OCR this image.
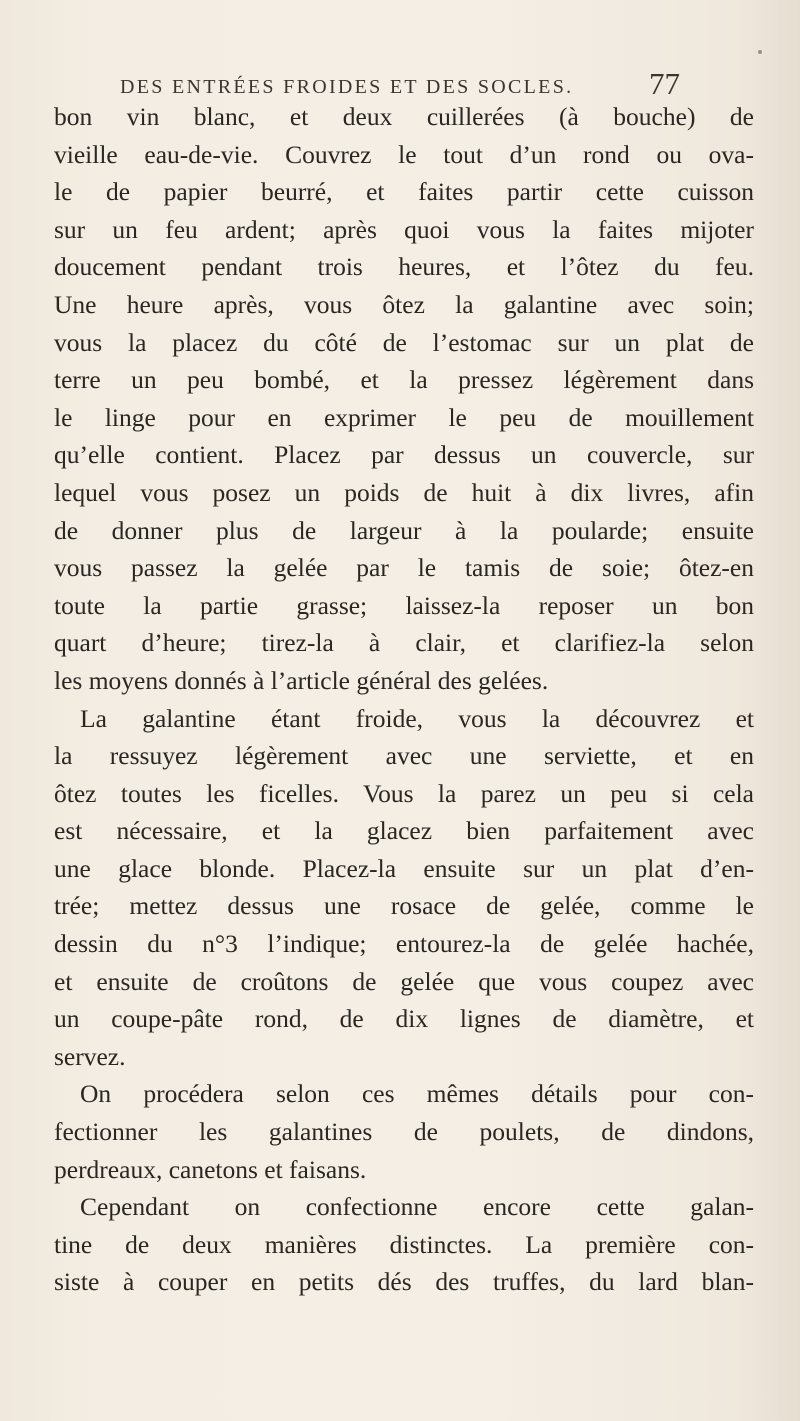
DES ENTRÉES FROIDES ET DES SOCLES. 77
bon vin blanc, et deux cuillerées (à bouche) de
vieille eau-de-vie. Couvrez le tout d’un rond ou ova-
le de papier beurré, et faites partir cette cuisson
sur un feu ardent; après quoi vous la faites mijoter
doucement pendant trois heures, et l’ôtez du feu.
Une heure après, vous ôtez la galantine avec soin;
vous la placez du côté de l’estomac sur un plat de
terre un peu bombé, et la pressez légèrement dans
le linge pour en exprimer le peu de mouillement
qu’elle contient. Placez par dessus un couvercle, sur
lequel vous posez un poids de huit à dix livres, afin
de donner plus de largeur à la poularde; ensuite
vous passez la gelée par le tamis de soie; ôtez-en
toute la partie grasse; laissez-la reposer un bon
quart d’heure; tirez-la à clair, et clarifiez-la selon
les moyens donnés à l’article général des gelées.
La galantine étant froide, vous la découvrez et
la ressuyez légèrement avec une serviette, et en
ôtez toutes les ficelles. Vous la parez un peu si cela
est nécessaire, et la glacez bien parfaitement avec
une glace blonde. Placez-la ensuite sur un plat d’en-
trée; mettez dessus une rosace de gelée, comme le
dessin du n°3 l’indique; entourez-la de gelée hachée,
et ensuite de croûtons de gelée que vous coupez avec
un coupe-pâte rond, de dix lignes de diamètre, et
servez.
On procédera selon ces mêmes détails pour con-
fectionner les galantines de poulets, de dindons,
perdreaux, canetons et faisans.
Cependant on confectionne encore cette galan-
tine de deux manières distinctes. La première con-
siste à couper en petits dés des truffes, du lard blan-
